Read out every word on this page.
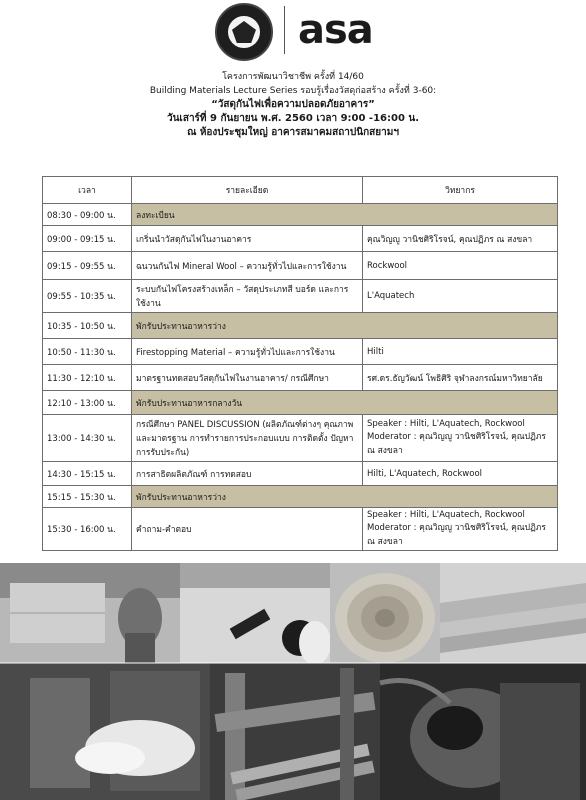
asa
โครงการพัฒนาวิชาชีพ ครั้งที่ 14/60
Building Materials Lecture Series รอบรู้เรื่องวัสดุก่อสร้าง ครั้งที่ 3-60:
“วัสดุกันไฟเพื่อความปลอดภัยอาคาร”
วันเสาร์ที่ 9 กันยายน พ.ศ. 2560 เวลา 9:00 -16:00 น.
ณ ห้องประชุมใหญ่ อาคารสมาคมสถาปนิกสยามฯ
เวลา	รายละเอียด	วิทยากร
08:30 - 09:00 น.	ลงทะเบียน	
09:00 - 09:15 น.	เกริ่นนำวัสดุกันไฟในงานอาคาร	คุณวิญญู วานิชศิริโรจน์, คุณปฏิภร ณ สงขลา
09:15 - 09:55 น.	ฉนวนกันไฟ Mineral Wool – ความรู้ทั่วไปและการใช้งาน	Rockwool
09:55 - 10:35 น.	ระบบกันไฟโครงสร้างเหล็ก – วัสดุประเภทสี บอร์ด และการใช้งาน	L'Aquatech
10:35 - 10:50 น.	พักรับประทานอาหารว่าง	
10:50 - 11:30 น.	Firestopping Material – ความรู้ทั่วไปและการใช้งาน	Hilti
11:30 - 12:10 น.	มาตรฐานทดสอบวัสดุกันไฟในงานอาคาร/ กรณีศึกษา	รศ.ดร.ธัญวัฒน์ โพธิศิริ จุฬาลงกรณ์มหาวิทยาลัย
12:10 - 13:00 น.	พักรับประทานอาหารกลางวัน	
13:00 - 14:30 น.	กรณีศึกษา PANEL DISCUSSION (ผลิตภัณฑ์ต่างๆ คุณภาพ และมาตรฐาน การทำรายการประกอบแบบ การติดตั้ง ปัญหา การรับประกัน)	Speaker : Hilti, L'Aquatech, Rockwool Moderator : คุณวิญญู วานิชศิริโรจน์, คุณปฏิภร ณ สงขลา
14:30 - 15:15 น.	การสาธิตผลิตภัณฑ์ การทดสอบ	Hilti, L'Aquatech, Rockwool
15:15 - 15:30 น.	พักรับประทานอาหารว่าง	
15:30 - 16:00 น.	คำถาม-คำตอบ	Speaker : Hilti, L'Aquatech, Rockwool Moderator : คุณวิญญู วานิชศิริโรจน์, คุณปฏิภร ณ สงขลา
